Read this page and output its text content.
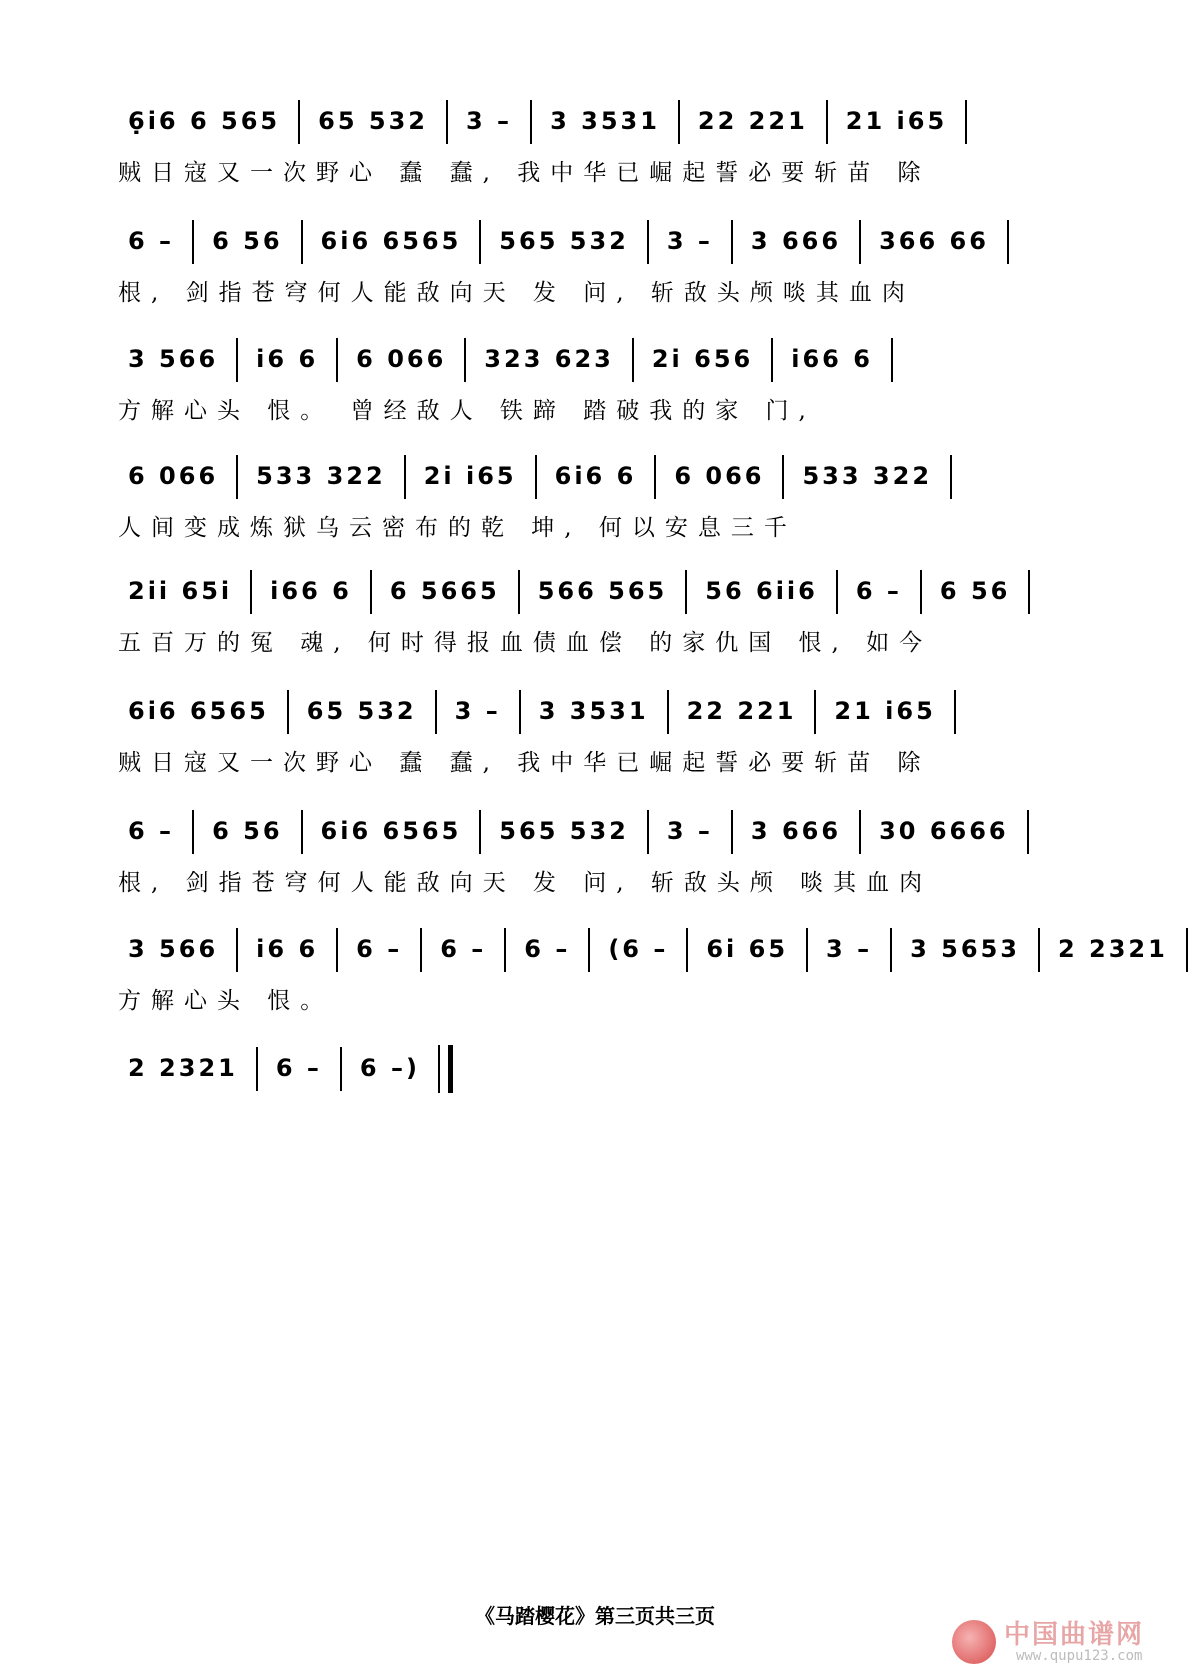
6̣i6 6 565 65 532 3 – 3 3531 22 221 21 i65
贼日寇又一次野心 蠢 蠢, 我中华已崛起誓必要斩苗 除
6 – 6 56 6i6 6565 565 532 3 – 3 666 366 66
根, 剑指苍穹何人能敌向天 发 问, 斩敌头颅啖其血肉
3 566 i6 6 6 066 323 623 2i 656 i66 6
方解心头 恨。 曾经敌人 铁蹄 踏破我的家 门,
6 066 533 322 2i i65 6i6 6 6 066 533 322
人间变成炼狱乌云密布的乾 坤, 何以安息三千
2ii 65i i66 6 6 5665 566 565 56 6ii6 6 – 6 56
五百万的冤 魂, 何时得报血债血偿 的家仇国 恨, 如今
6i6 6565 65 532 3 – 3 3531 22 221 21 i65
贼日寇又一次野心 蠢 蠢, 我中华已崛起誓必要斩苗 除
6 – 6 56 6i6 6565 565 532 3 – 3 666 30 6666
根, 剑指苍穹何人能敌向天 发 问, 斩敌头颅 啖其血肉
3 566 i6 6 6 – 6 – 6 – (6 – 6i 65 3 – 3 5653 2 2321
方解心头 恨。
2 2321 6 – 6 –)
《马踏樱花》第三页共三页
中国曲谱网
www.qupu123.com
